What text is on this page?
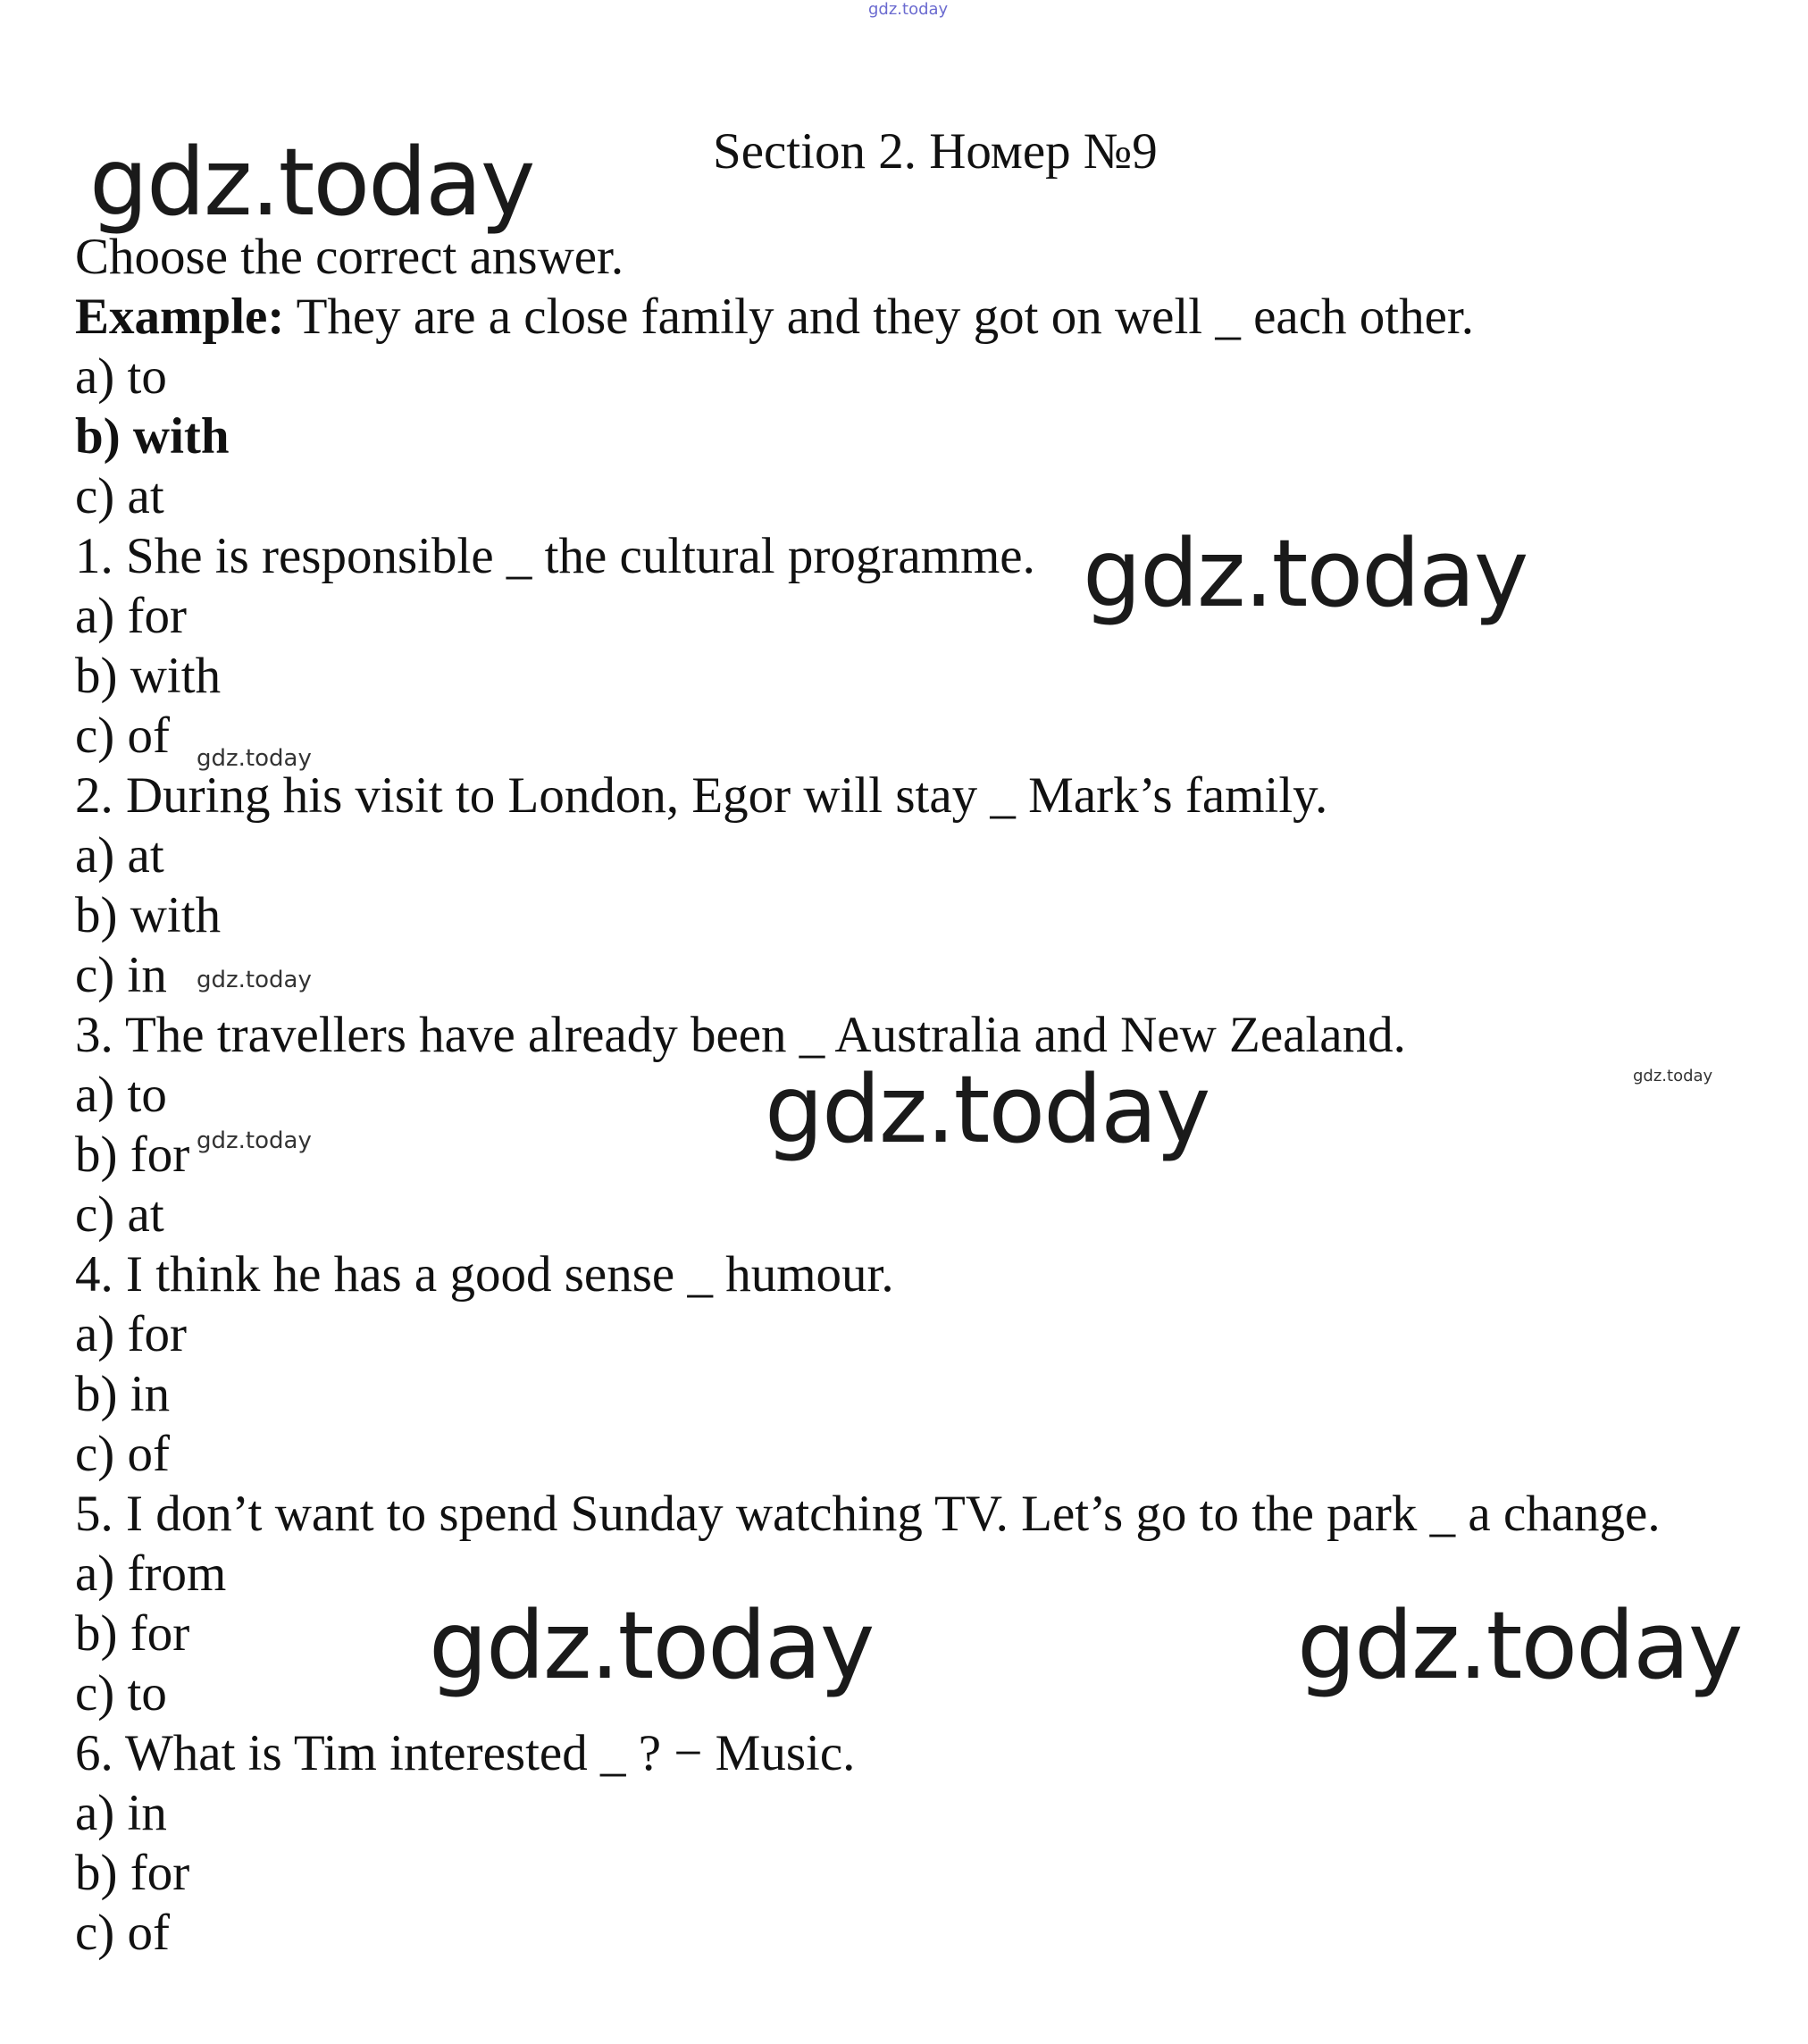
gdz.today
gdz.today
gdz.today
gdz.today
gdz.today
gdz.today
gdz.today
gdz.today
gdz.today	gdz.today

Section 2. Номер №9

Choose the correct answer.

Example: They are a close family and they got on well _ each other.

a) to

b) with

c) at

1. She is responsible _ the cultural programme.

a) for

b) with

c) of

2. During his visit to London, Egor will stay _ Mark’s family.

a) at

b) with

c) in

3. The travellers have already been _ Australia and New Zealand.

a) to

b) for

c) at

4. I think he has a good sense _ humour.

a) for

b) in

c) of

5. I don’t want to spend Sunday watching TV. Let’s go to the park _ a change.

a) from

b) for

c) to

6. What is Tim interested _ ? − Music.

a) in

b) for

c) of
